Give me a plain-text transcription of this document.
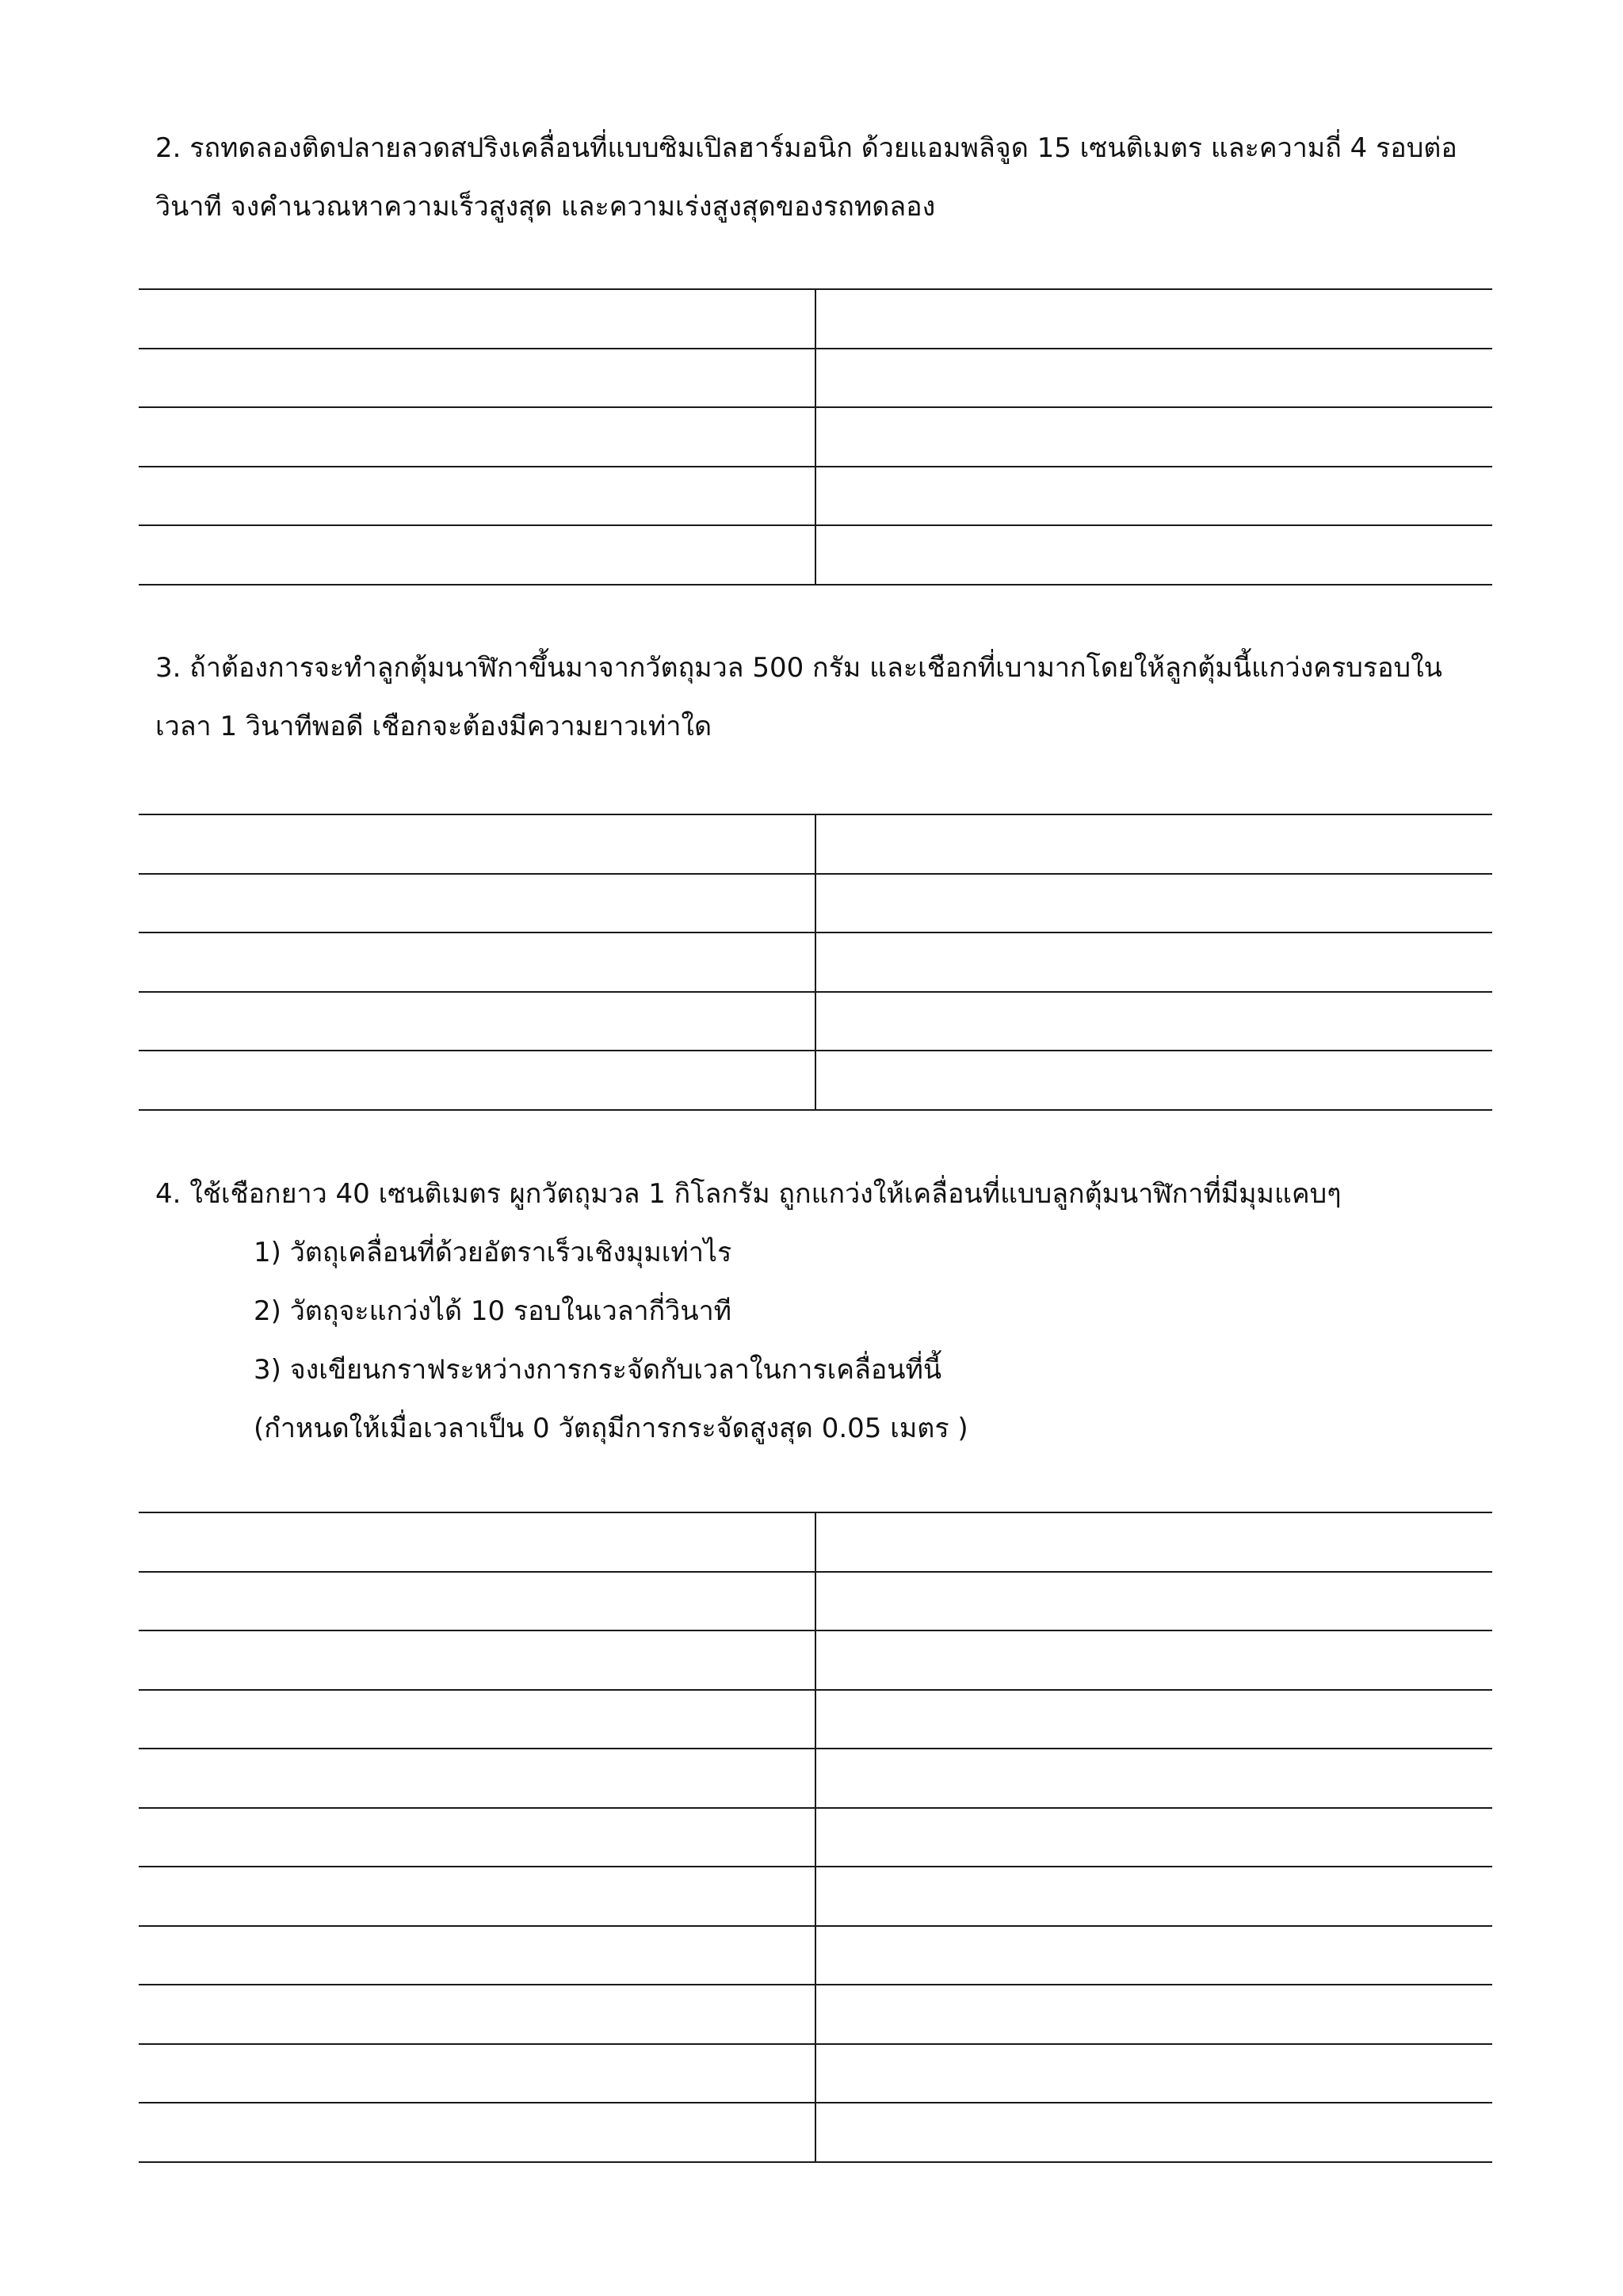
2. รถทดลองติดปลายลวดสปริงเคลื่อนที่แบบซิมเปิลฮาร์มอนิก ด้วยแอมพลิจูด 15 เซนติเมตร และความถี่ 4 รอบต่อ

วินาที จงคำนวณหาความเร็วสูงสุด และความเร่งสูงสุดของรถทดลอง

3. ถ้าต้องการจะทำลูกตุ้มนาฬิกาขึ้นมาจากวัตถุมวล 500 กรัม และเชือกที่เบามากโดยให้ลูกตุ้มนี้แกว่งครบรอบใน

เวลา 1 วินาทีพอดี เชือกจะต้องมีความยาวเท่าใด

4. ใช้เชือกยาว 40 เซนติเมตร ผูกวัตถุมวล 1 กิโลกรัม ถูกแกว่งให้เคลื่อนที่แบบลูกตุ้มนาฬิกาที่มีมุมแคบๆ

1) วัตถุเคลื่อนที่ด้วยอัตราเร็วเชิงมุมเท่าไร

2) วัตถุจะแกว่งได้ 10 รอบในเวลากี่วินาที

3) จงเขียนกราฟระหว่างการกระจัดกับเวลาในการเคลื่อนที่นี้

(กำหนดให้เมื่อเวลาเป็น 0 วัตถุมีการกระจัดสูงสุด 0.05 เมตร )
